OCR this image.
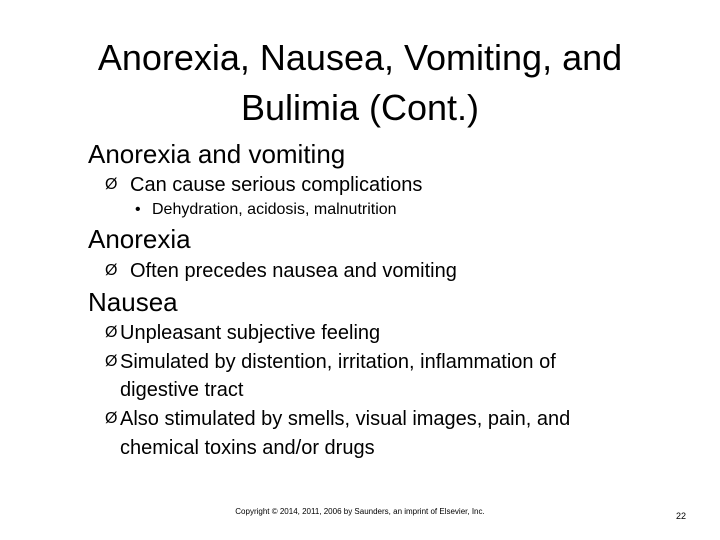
Anorexia, Nausea, Vomiting, and
Bulimia (Cont.)
Anorexia and vomiting
Ø Can cause serious complications
• Dehydration, acidosis, malnutrition
Anorexia
Ø Often precedes nausea and vomiting
Nausea
Ø Unpleasant subjective feeling
Ø Simulated by distention, irritation, inflammation of
digestive tract
Ø Also stimulated by smells, visual images, pain, and
chemical toxins and/or drugs
Copyright © 2014, 2011, 2006 by Saunders, an imprint of Elsevier, Inc.	22
